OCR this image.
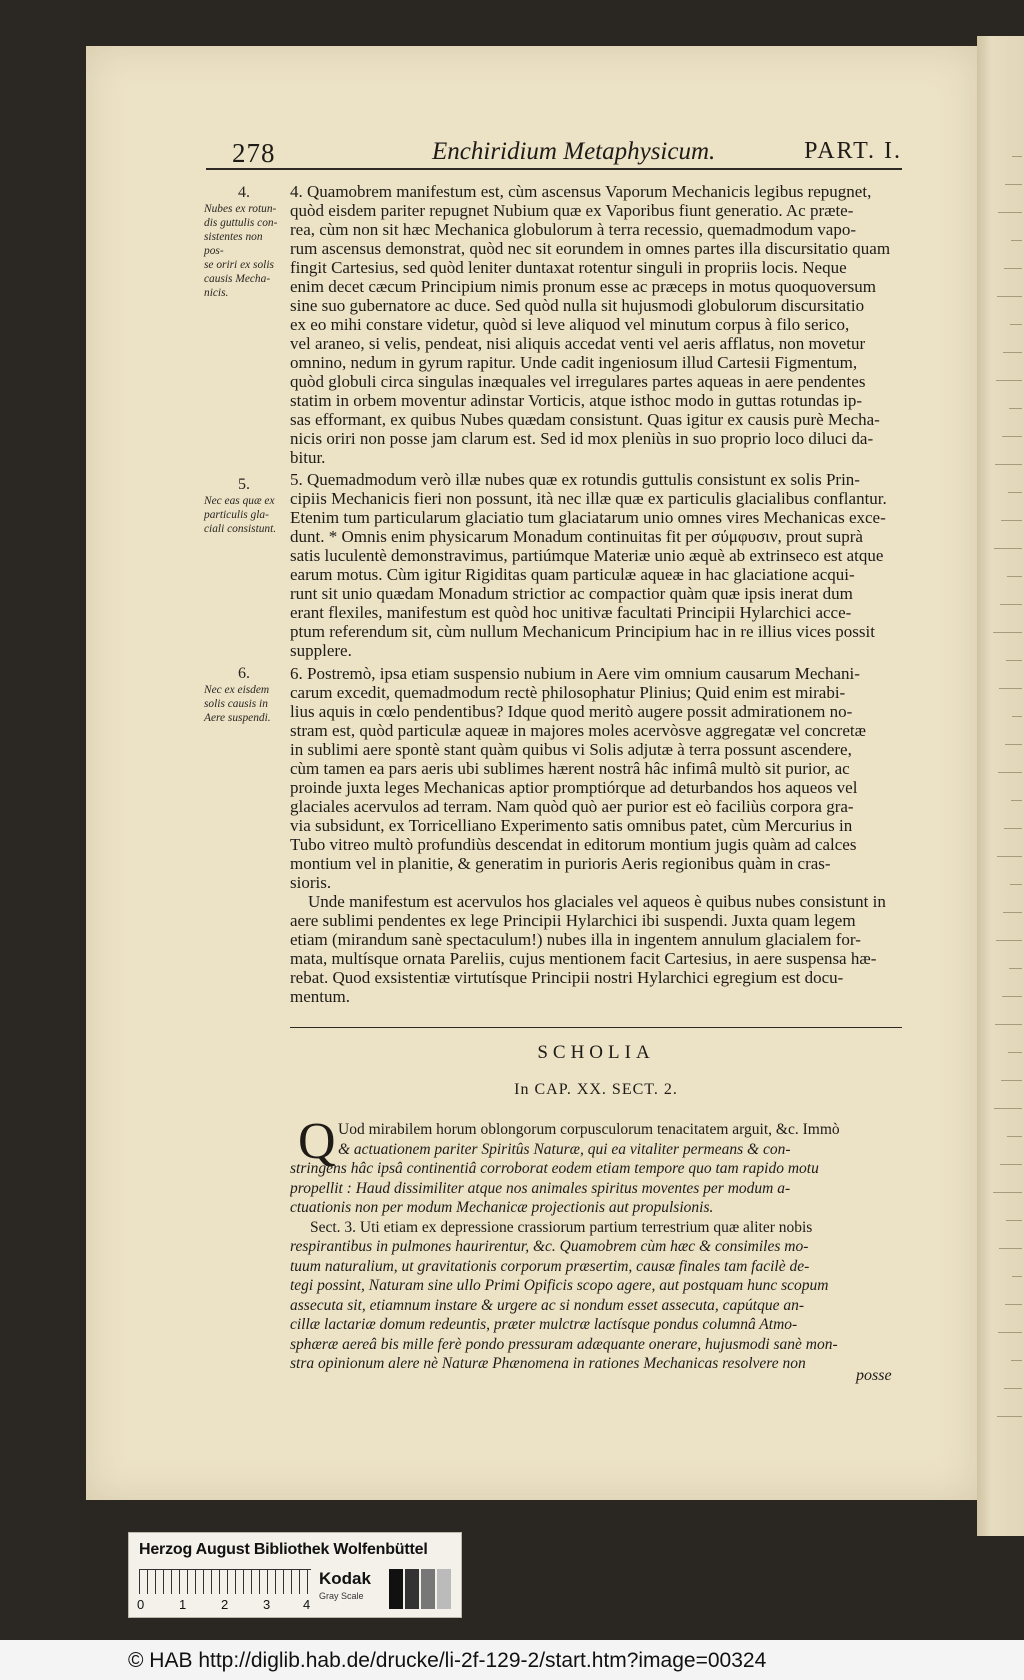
278	Enchiridium Metaphysicum.	PART. I.
4.
Nubes ex rotun-
dis guttulis con-
sistentes non pos-
se oriri ex solis
causis Mecha-
nicis.
4. Quamobrem manifestum est, cùm ascensus Vaporum Mechanicis legibus repugnet,
quòd eisdem pariter repugnet Nubium quæ ex Vaporibus fiunt generatio. Ac præte-
rea, cùm non sit hæc Mechanica globulorum à terra recessio, quemadmodum vapo-
rum ascensus demonstrat, quòd nec sit eorundem in omnes partes illa discursitatio quam
fingit Cartesius, sed quòd leniter duntaxat rotentur singuli in propriis locis. Neque
enim decet cæcum Principium nimis pronum esse ac præceps in motus quoquoversum
sine suo gubernatore ac duce. Sed quòd nulla sit hujusmodi globulorum discursitatio
ex eo mihi constare videtur, quòd si leve aliquod vel minutum corpus à filo serico,
vel araneo, si velis, pendeat, nisi aliquis accedat venti vel aeris afflatus, non movetur
omnino, nedum in gyrum rapitur. Unde cadit ingeniosum illud Cartesii Figmentum,
quòd globuli circa singulas inæquales vel irregulares partes aqueas in aere pendentes
statim in orbem moventur adinstar Vorticis, atque isthoc modo in guttas rotundas ip-
sas efformant, ex quibus Nubes quædam consistunt. Quas igitur ex causis purè Mecha-
nicis oriri non posse jam clarum est. Sed id mox pleniùs in suo proprio loco diluci da-
bitur.
5.
Nec eas quæ ex
particulis gla-
ciali consistunt.
5. Quemadmodum verò illæ nubes quæ ex rotundis guttulis consistunt ex solis Prin-
cipiis Mechanicis fieri non possunt, ità nec illæ quæ ex particulis glacialibus conflantur.
Etenim tum particularum glaciatio tum glaciatarum unio omnes vires Mechanicas exce-
dunt. * Omnis enim physicarum Monadum continuitas fit per σύμφυσιν, prout suprà
satis luculentè demonstravimus, partiúmque Materiæ unio æquè ab extrinseco est atque
earum motus. Cùm igitur Rigiditas quam particulæ aqueæ in hac glaciatione acqui-
runt sit unio quædam Monadum strictior ac compactior quàm quæ ipsis inerat dum
erant flexiles, manifestum est quòd hoc unitivæ facultati Principii Hylarchici acce-
ptum referendum sit, cùm nullum Mechanicum Principium hac in re illius vices possit
supplere.
6.
Nec ex eisdem
solis causis in
Aere suspendi.
6. Postremò, ipsa etiam suspensio nubium in Aere vim omnium causarum Mechani-
carum excedit, quemadmodum rectè philosophatur Plinius; Quid enim est mirabi-
lius aquis in cœlo pendentibus? Idque quod meritò augere possit admirationem no-
stram est, quòd particulæ aqueæ in majores moles acervòsve aggregatæ vel concretæ
in sublimi aere spontè stant quàm quibus vi Solis adjutæ à terra possunt ascendere,
cùm tamen ea pars aeris ubi sublimes hærent nostrâ hâc infimâ multò sit purior, ac
proinde juxta leges Mechanicas aptior promptiórque ad deturbandos hos aqueos vel
glaciales acervulos ad terram. Nam quòd quò aer purior est eò faciliùs corpora gra-
via subsidunt, ex Torricelliano Experimento satis omnibus patet, cùm Mercurius in
Tubo vitreo multò profundiùs descendat in editorum montium jugis quàm ad calces
montium vel in planitie, & generatim in purioris Aeris regionibus quàm in cras-
sioris.
Unde manifestum est acervulos hos glaciales vel aqueos è quibus nubes consistunt in
aere sublimi pendentes ex lege Principii Hylarchici ibi suspendi. Juxta quam legem
etiam (mirandum sanè spectaculum!) nubes illa in ingentem annulum glacialem for-
mata, multísque ornata Pareliis, cujus mentionem facit Cartesius, in aere suspensa hæ-
rebat. Quod exsistentiæ virtutísque Principii nostri Hylarchici egregium est docu-
mentum.
SCHOLIA
In CAP. XX. SECT. 2.
Q Uod mirabilem horum oblongorum corpusculorum tenacitatem arguit, &c. Immò
& actuationem pariter Spiritûs Naturæ, qui ea vitaliter permeans & con-
stringens hâc ipsâ continentiâ corroborat eodem etiam tempore quo tam rapido motu
propellit : Haud dissimiliter atque nos animales spiritus moventes per modum a-
ctuationis non per modum Mechanicæ projectionis aut propulsionis.
Sect. 3. Uti etiam ex depressione crassiorum partium terrestrium quæ aliter nobis
respirantibus in pulmones haurirentur, &c. Quamobrem cùm hæc & consimiles mo-
tuum naturalium, ut gravitationis corporum præsertim, causæ finales tam facilè de-
tegi possint, Naturam sine ullo Primi Opificis scopo agere, aut postquam hunc scopum
assecuta sit, etiamnum instare & urgere ac si nondum esset assecuta, capútque an-
cillæ lactariæ domum redeuntis, præter mulctræ lactísque pondus columnâ Atmo-
sphæræ aereâ bis mille ferè pondo pressuram adæquante onerare, hujusmodi sanè mon-
stra opinionum alere nè Naturæ Phænomena in rationes Mechanicas resolvere non
posse
Herzog August Bibliothek Wolfenbüttel
0	1	2	3	4
Kodak
Gray Scale
© HAB http://diglib.hab.de/drucke/li-2f-129-2/start.htm?image=00324
